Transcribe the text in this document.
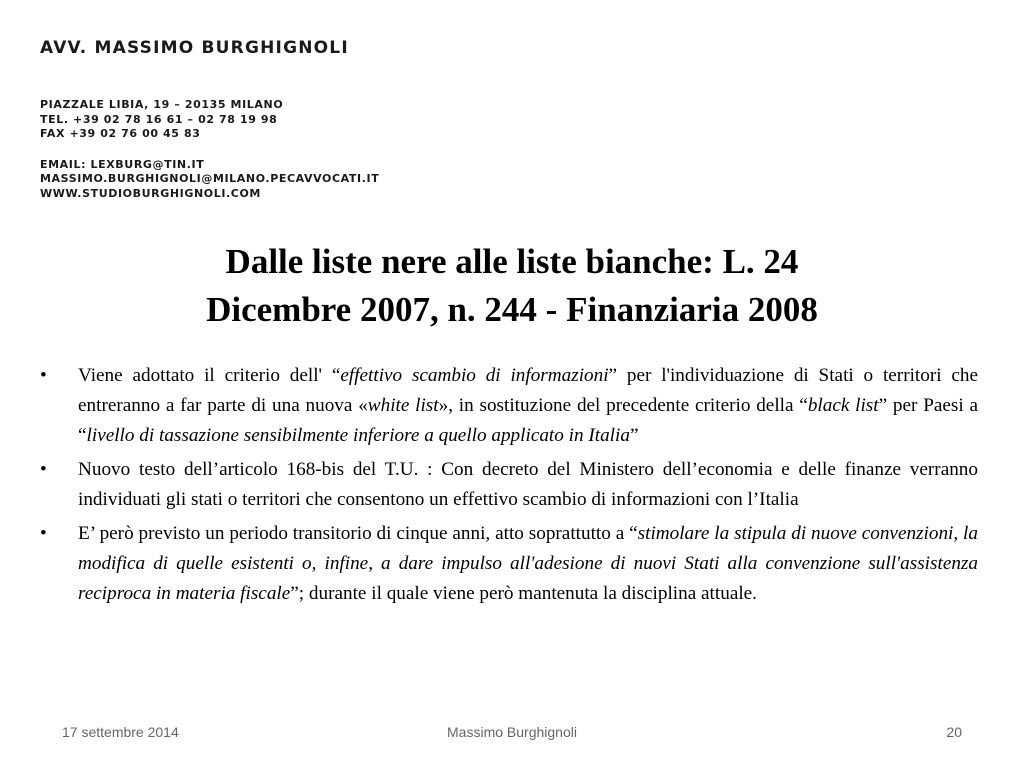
AVV. MASSIMO BURGHIGNOLI
PIAZZALE LIBIA, 19 – 20135 MILANO
TEL. +39 02 78 16 61 – 02 78 19 98
FAX +39 02 76 00 45 83
EMAIL: LEXBURG@TIN.IT
MASSIMO.BURGHIGNOLI@MILANO.PECAVVOCATI.IT
WWW.STUDIOBURGHIGNOLI.COM
Dalle liste nere alle liste bianche: L. 24
Dicembre 2007, n. 244 - Finanziaria 2008
•	Viene adottato il criterio dell' “effettivo scambio di informazioni” per l'individuazione di Stati o territori che entreranno a far parte di una nuova «white list», in sostituzione del precedente criterio della “black list” per Paesi a “livello di tassazione sensibilmente inferiore a quello applicato in Italia”
•	Nuovo testo dell’articolo 168-bis del T.U. : Con decreto del Ministero dell’economia e delle finanze verranno individuati gli stati o territori che consentono un effettivo scambio di informazioni con l’Italia
•	E’ però previsto un periodo transitorio di cinque anni, atto soprattutto a “stimolare la stipula di nuove convenzioni, la modifica di quelle esistenti o, infine, a dare impulso all'adesione di nuovi Stati alla convenzione sull'assistenza reciproca in materia fiscale”; durante il quale viene però mantenuta la disciplina attuale.
17 settembre 2014	Massimo Burghignoli	20
